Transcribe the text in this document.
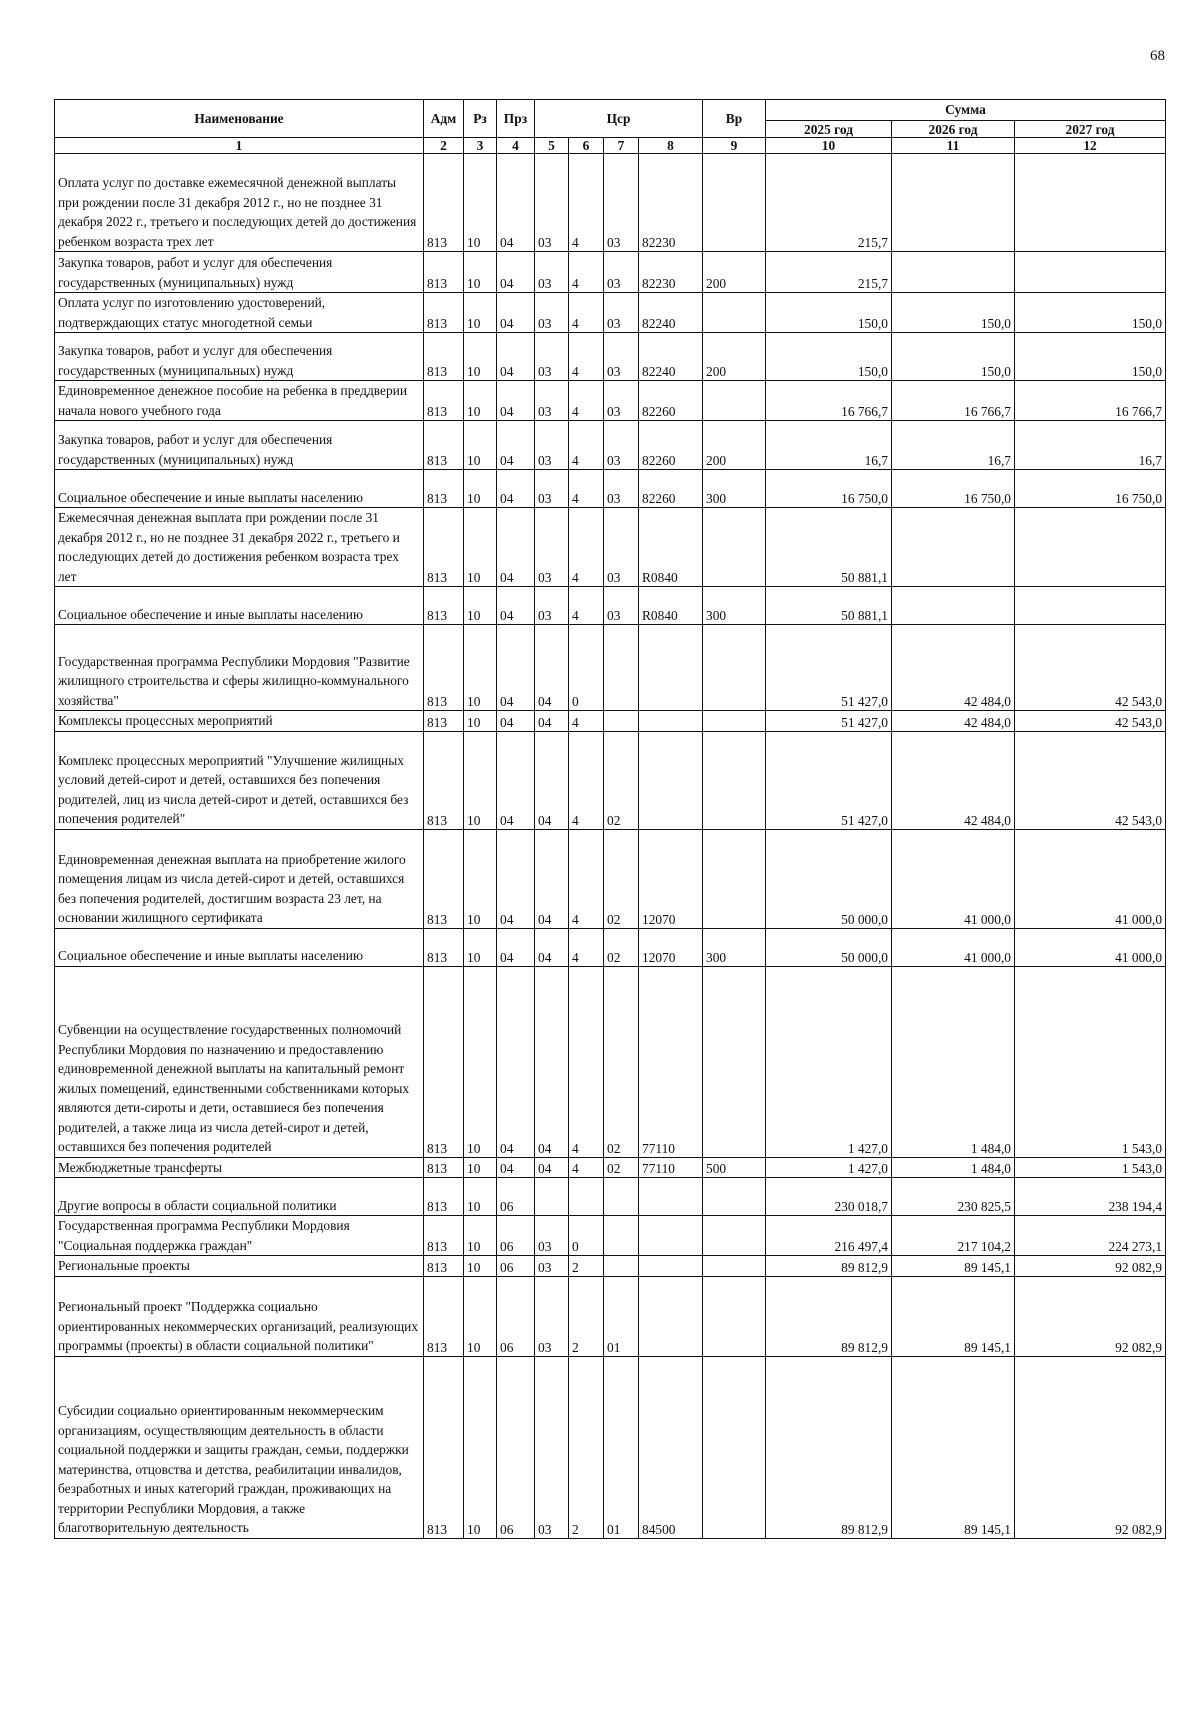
68
Наименование	Адм	Рз	Прз	Цср				Вр	Сумма		
									2025 год	2026 год	2027 год
1	2	3	4	5	6	7	8	9	10	11	12
Оплата услуг по доставке ежемесячной денежной выплаты при рождении после 31 декабря 2012 г., но не позднее 31 декабря 2022 г., третьего и последующих детей до достижения ребенком возраста трех лет	813	10	04	03	4	03	82230		215,7		
Закупка товаров, работ и услуг для обеспечения государственных (муниципальных) нужд	813	10	04	03	4	03	82230	200	215,7		
Оплата услуг по изготовлению удостоверений, подтверждающих статус многодетной семьи	813	10	04	03	4	03	82240		150,0	150,0	150,0
Закупка товаров, работ и услуг для обеспечения государственных (муниципальных) нужд	813	10	04	03	4	03	82240	200	150,0	150,0	150,0
Единовременное денежное пособие на ребенка в преддверии начала нового учебного года	813	10	04	03	4	03	82260		16 766,7	16 766,7	16 766,7
Закупка товаров, работ и услуг для обеспечения государственных (муниципальных) нужд	813	10	04	03	4	03	82260	200	16,7	16,7	16,7
Социальное обеспечение и иные выплаты населению	813	10	04	03	4	03	82260	300	16 750,0	16 750,0	16 750,0
Ежемесячная денежная выплата при рождении после 31 декабря 2012 г., но не позднее 31 декабря 2022 г., третьего и последующих детей до достижения ребенком возраста трех лет	813	10	04	03	4	03	R0840		50 881,1		
Социальное обеспечение и иные выплаты населению	813	10	04	03	4	03	R0840	300	50 881,1		
Государственная программа Республики Мордовия "Развитие жилищного строительства и сферы жилищно-коммунального хозяйства"	813	10	04	04	0				51 427,0	42 484,0	42 543,0
Комплексы процессных мероприятий	813	10	04	04	4				51 427,0	42 484,0	42 543,0
Комплекс процессных мероприятий "Улучшение жилищных условий детей-сирот и детей, оставшихся без попечения родителей, лиц из числа детей-сирот и детей, оставшихся без попечения родителей"	813	10	04	04	4	02			51 427,0	42 484,0	42 543,0
Единовременная денежная выплата на приобретение жилого помещения лицам из числа детей-сирот и детей, оставшихся без попечения родителей, достигшим возраста 23 лет, на основании жилищного сертификата	813	10	04	04	4	02	12070		50 000,0	41 000,0	41 000,0
Социальное обеспечение и иные выплаты населению	813	10	04	04	4	02	12070	300	50 000,0	41 000,0	41 000,0
Субвенции на осуществление государственных полномочий Республики Мордовия по назначению и предоставлению единовременной денежной выплаты на капитальный ремонт жилых помещений, единственными собственниками которых являются дети-сироты и дети, оставшиеся без попечения родителей, а также лица из числа детей-сирот и детей, оставшихся без попечения родителей	813	10	04	04	4	02	77110		1 427,0	1 484,0	1 543,0
Межбюджетные трансферты	813	10	04	04	4	02	77110	500	1 427,0	1 484,0	1 543,0
Другие вопросы в области социальной политики	813	10	06						230 018,7	230 825,5	238 194,4
Государственная программа Республики Мордовия "Социальная поддержка граждан"	813	10	06	03	0				216 497,4	217 104,2	224 273,1
Региональные проекты	813	10	06	03	2				89 812,9	89 145,1	92 082,9
Региональный проект "Поддержка социально ориентированных некоммерческих организаций, реализующих программы (проекты) в области социальной политики"	813	10	06	03	2	01			89 812,9	89 145,1	92 082,9
Субсидии социально ориентированным некоммерческим организациям, осуществляющим деятельность в области социальной поддержки и защиты граждан, семьи, поддержки материнства, отцовства и детства, реабилитации инвалидов, безработных и иных категорий граждан, проживающих на территории Республики Мордовия, а также благотворительную деятельность	813	10	06	03	2	01	84500		89 812,9	89 145,1	92 082,9
